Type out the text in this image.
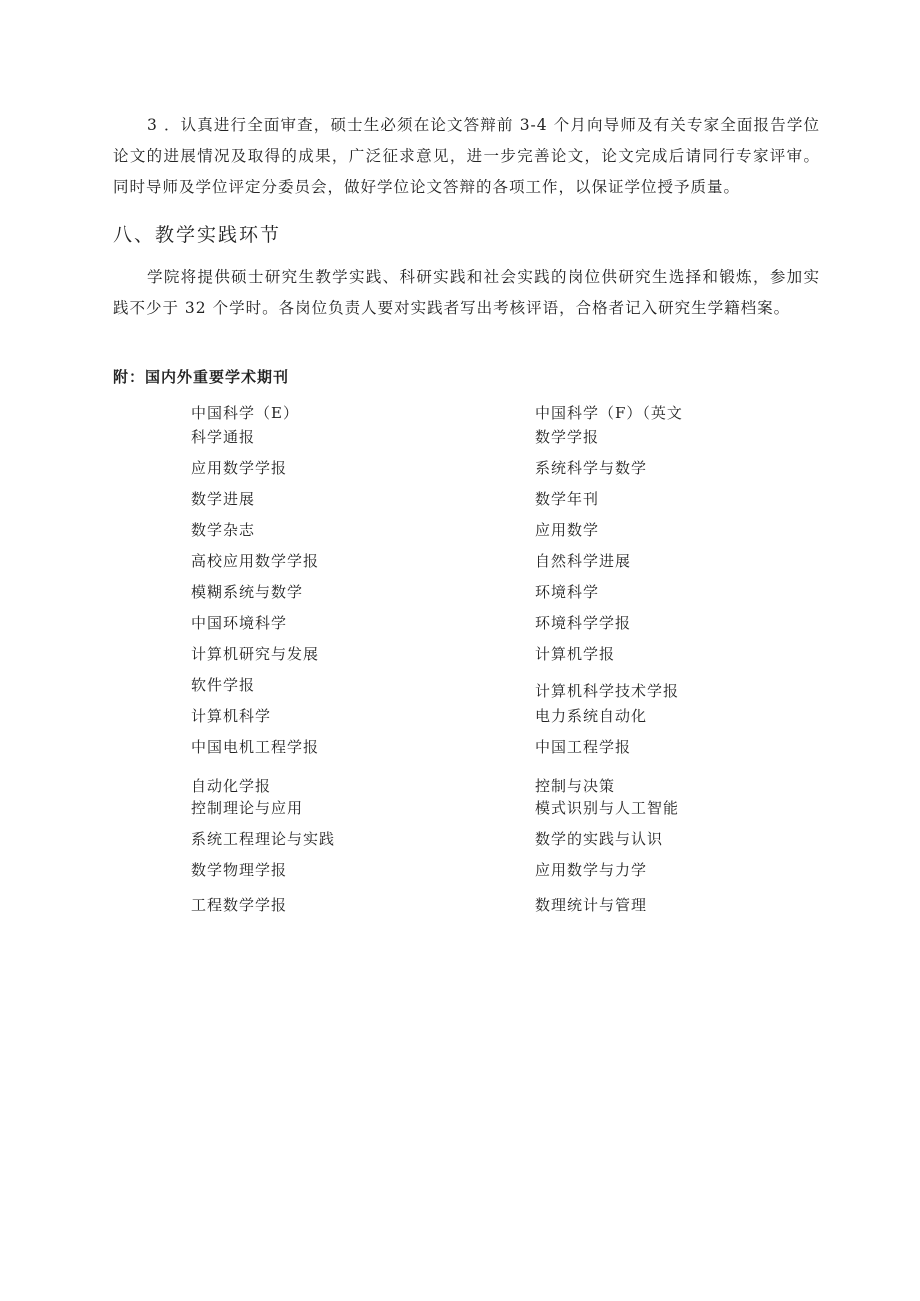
3 ．认真进行全面审查，硕士生必须在论文答辩前 3-4 个月向导师及有关专家全面报告学位论文的进展情况及取得的成果，广泛征求意见，进一步完善论文，论文完成后请同行专家评审。同时导师及学位评定分委员会，做好学位论文答辩的各项工作，以保证学位授予质量。

八、教学实践环节

学院将提供硕士研究生教学实践、科研实践和社会实践的岗位供研究生选择和锻炼，参加实践不少于 32 个学时。各岗位负责人要对实践者写出考核评语，合格者记入研究生学籍档案。

附：国内外重要学术期刊
中国科学（E）	中国科学（F）（英文
科学通报	数学学报
应用数学学报	系统科学与数学
数学进展	数学年刊
数学杂志	应用数学
高校应用数学学报	自然科学进展
模糊系统与数学	环境科学
中国环境科学	环境科学学报
计算机研究与发展	计算机学报
软件学报	计算机科学技术学报
计算机科学	电力系统自动化
中国电机工程学报	中国工程学报
自动化学报	控制与决策
控制理论与应用	模式识别与人工智能
系统工程理论与实践	数学的实践与认识
数学物理学报	应用数学与力学
工程数学学报	数理统计与管理
